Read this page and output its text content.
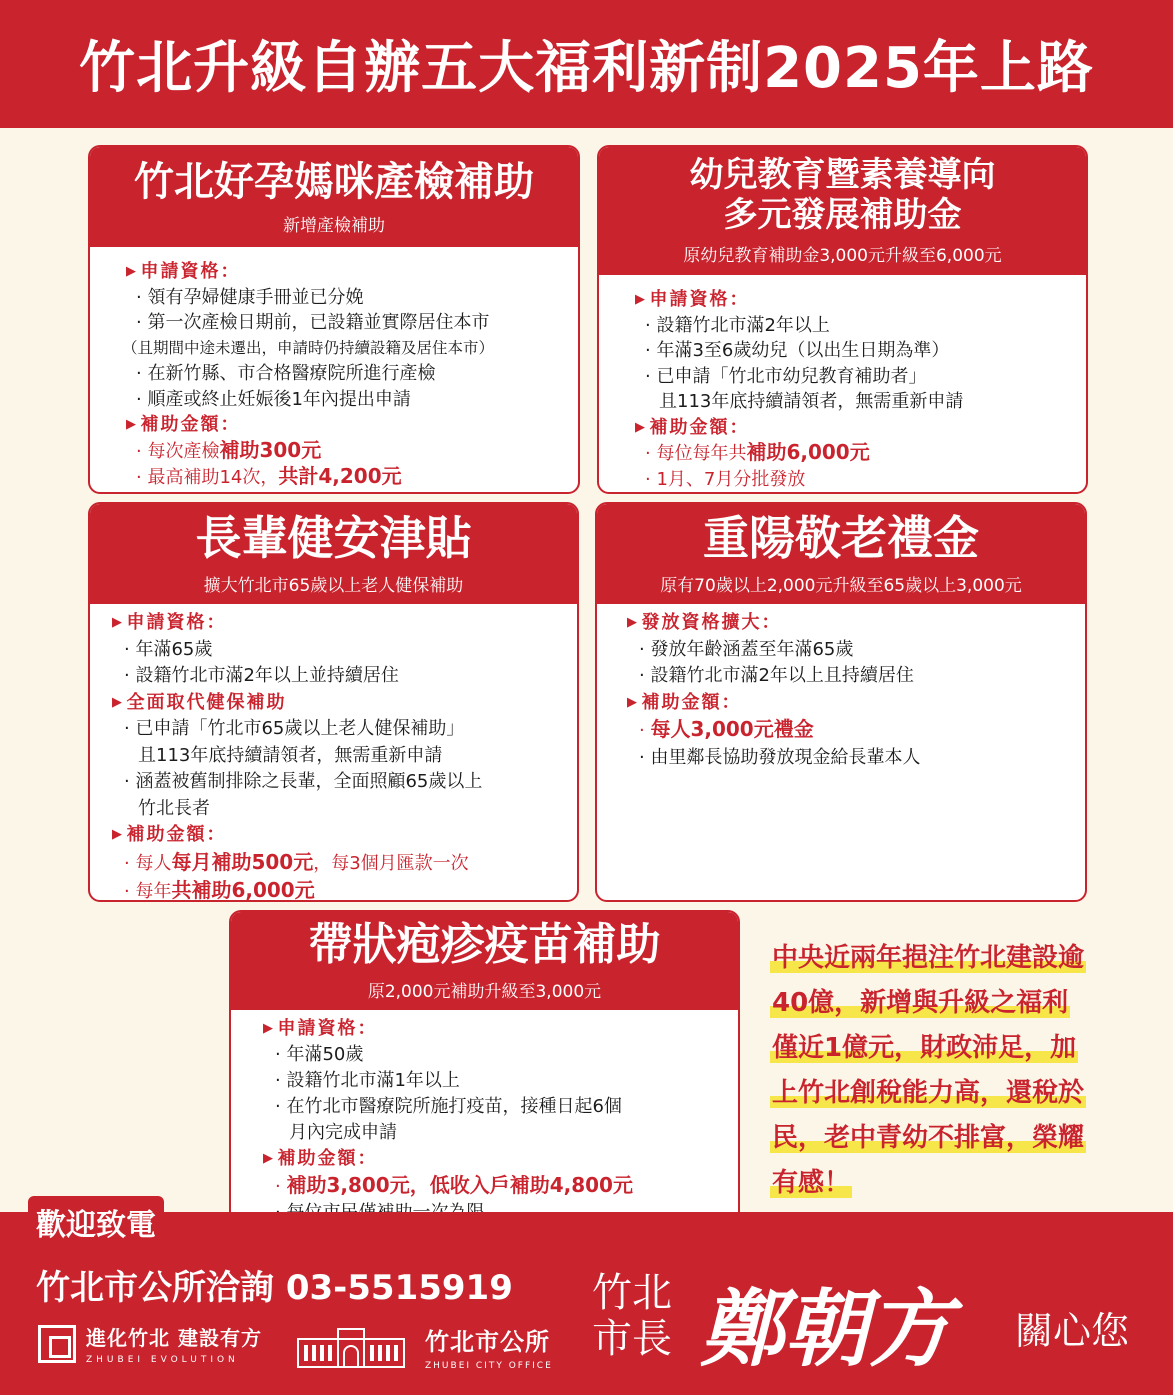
竹北升級自辦五大福利新制2025年上路
竹北好孕媽咪產檢補助
新增產檢補助
▶ 申請資格：
· 領有孕婦健康手冊並已分娩
· 第一次產檢日期前，已設籍並實際居住本市
（且期間中途未遷出，申請時仍持續設籍及居住本市）
· 在新竹縣、市合格醫療院所進行產檢
· 順產或終止妊娠後1年內提出申請
▶ 補助金額：
· 每次產檢補助300元
· 最高補助14次，共計4,200元
幼兒教育暨素養導向
多元發展補助金
原幼兒教育補助金3,000元升級至6,000元
▶ 申請資格：
· 設籍竹北市滿2年以上
· 年滿3至6歲幼兒（以出生日期為準）
· 已申請「竹北市幼兒教育補助者」
且113年底持續請領者，無需重新申請
▶ 補助金額：
· 每位每年共補助6,000元
· 1月、7月分批發放
長輩健安津貼
擴大竹北市65歲以上老人健保補助
▶ 申請資格：
· 年滿65歲
· 設籍竹北市滿2年以上並持續居住
▶ 全面取代健保補助
· 已申請「竹北市65歲以上老人健保補助」
且113年底持續請領者，無需重新申請
· 涵蓋被舊制排除之長輩，全面照顧65歲以上
竹北長者
▶ 補助金額：
· 每人每月補助500元，每3個月匯款一次
· 每年共補助6,000元
重陽敬老禮金
原有70歲以上2,000元升級至65歲以上3,000元
▶ 發放資格擴大：
· 發放年齡涵蓋至年滿65歲
· 設籍竹北市滿2年以上且持續居住
▶ 補助金額：
· 每人3,000元禮金
· 由里鄰長協助發放現金給長輩本人
帶狀疱疹疫苗補助
原2,000元補助升級至3,000元
▶ 申請資格：
· 年滿50歲
· 設籍竹北市滿1年以上
· 在竹北市醫療院所施打疫苗，接種日起6個
月內完成申請
▶ 補助金額：
· 補助3,800元，低收入戶補助4,800元
·
中央近兩年挹注竹北建設逾
40億，新增與升級之福利
僅近1億元，財政沛足，加
上竹北創稅能力高，還稅於
民，老中青幼不排富，榮耀
有感！
竹北市公所洽詢 03-5515919
進化竹北 建設有方
ZHUBEI EVOLUTION
竹北市公所
ZHUBEI CITY OFFICE
竹北
市長 鄭朝方 關心您
歡迎致電
